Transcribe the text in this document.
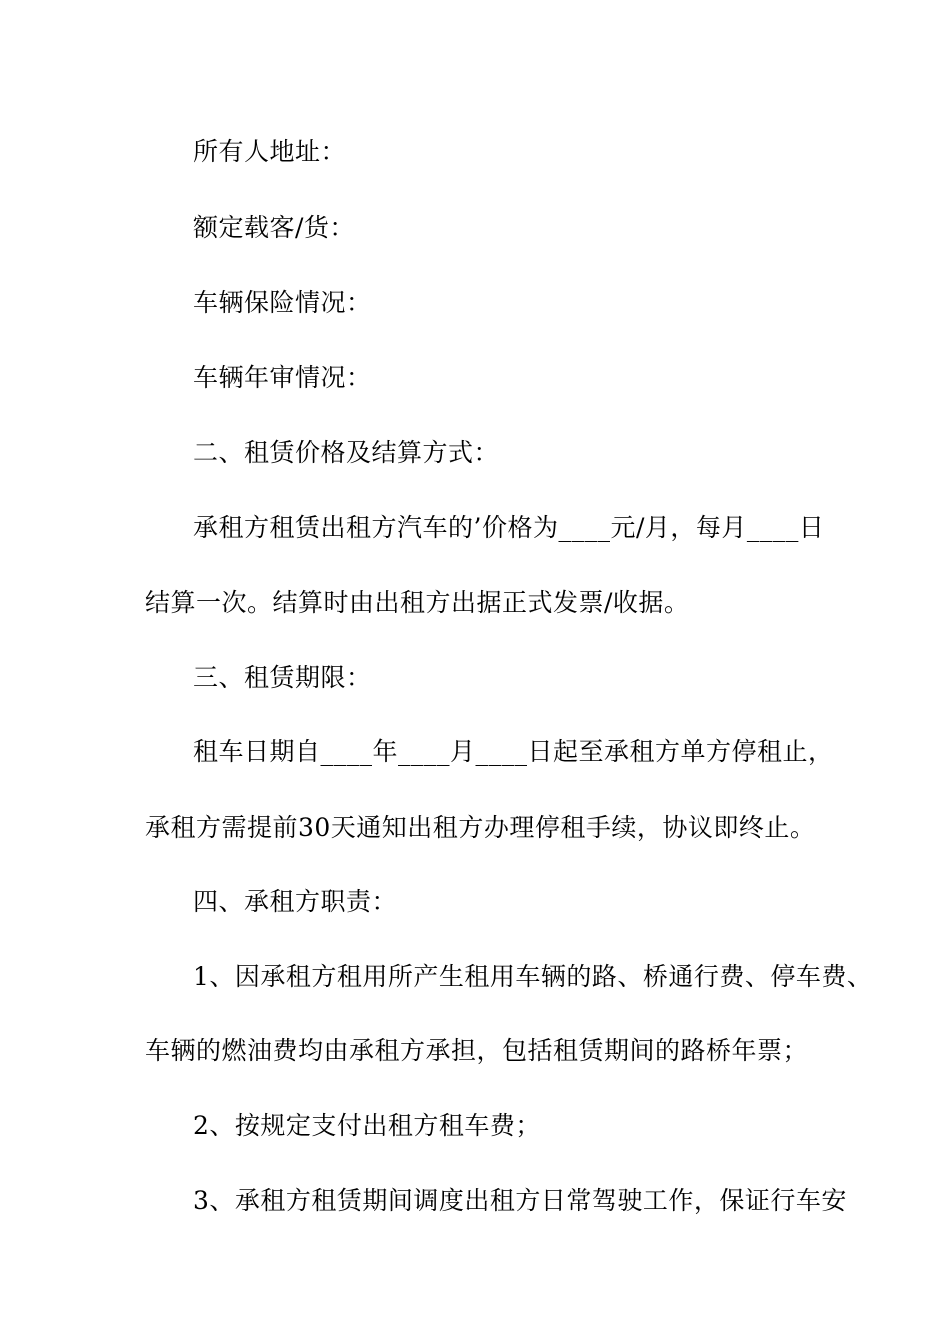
所有人地址：
额定载客/货：
车辆保险情况：
车辆年审情况：
二、租赁价格及结算方式：
承租方租赁出租方汽车的’价格为____元/月，每月____日
结算一次。结算时由出租方出据正式发票/收据。
三、租赁期限：
租车日期自____年____月____日起至承租方单方停租止，
承租方需提前30天通知出租方办理停租手续，协议即终止。
四、承租方职责：
1、因承租方租用所产生租用车辆的路、桥通行费、停车费、
车辆的燃油费均由承租方承担，包括租赁期间的路桥年票；
2、按规定支付出租方租车费；
3、承租方租赁期间调度出租方日常驾驶工作，保证行车安
